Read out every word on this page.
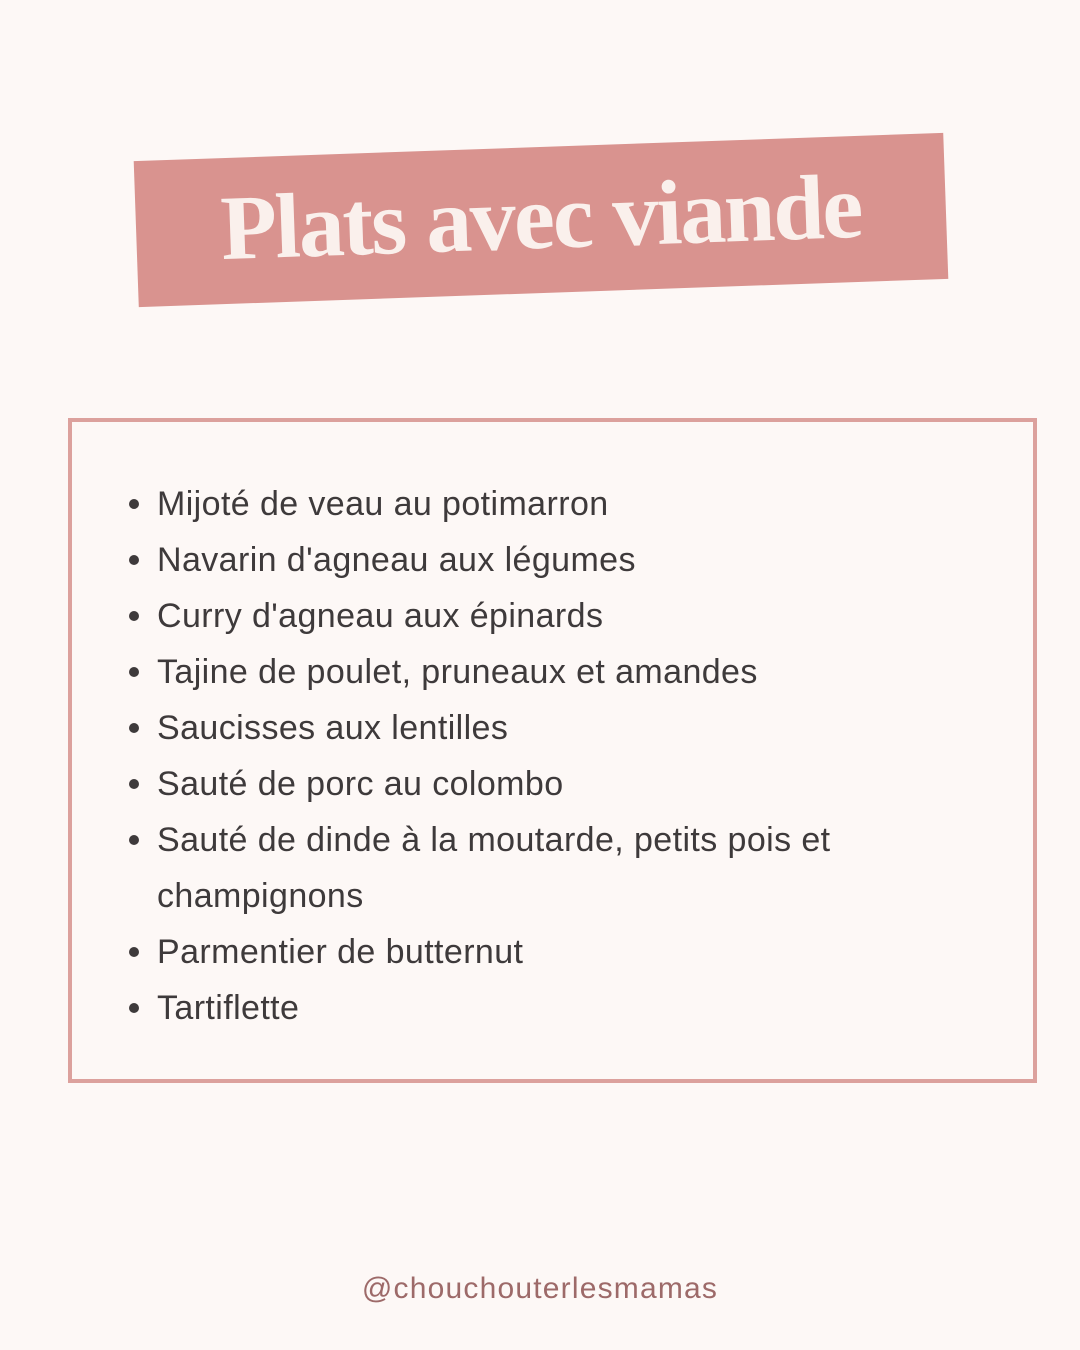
Plats avec viande
Mijoté de veau au potimarron
Navarin d'agneau aux légumes
Curry d'agneau aux épinards
Tajine de poulet, pruneaux et amandes
Saucisses aux lentilles
Sauté de porc au colombo
Sauté de dinde à la moutarde, petits pois et champignons
Parmentier de butternut
Tartiflette
@chouchouterlesmamas
